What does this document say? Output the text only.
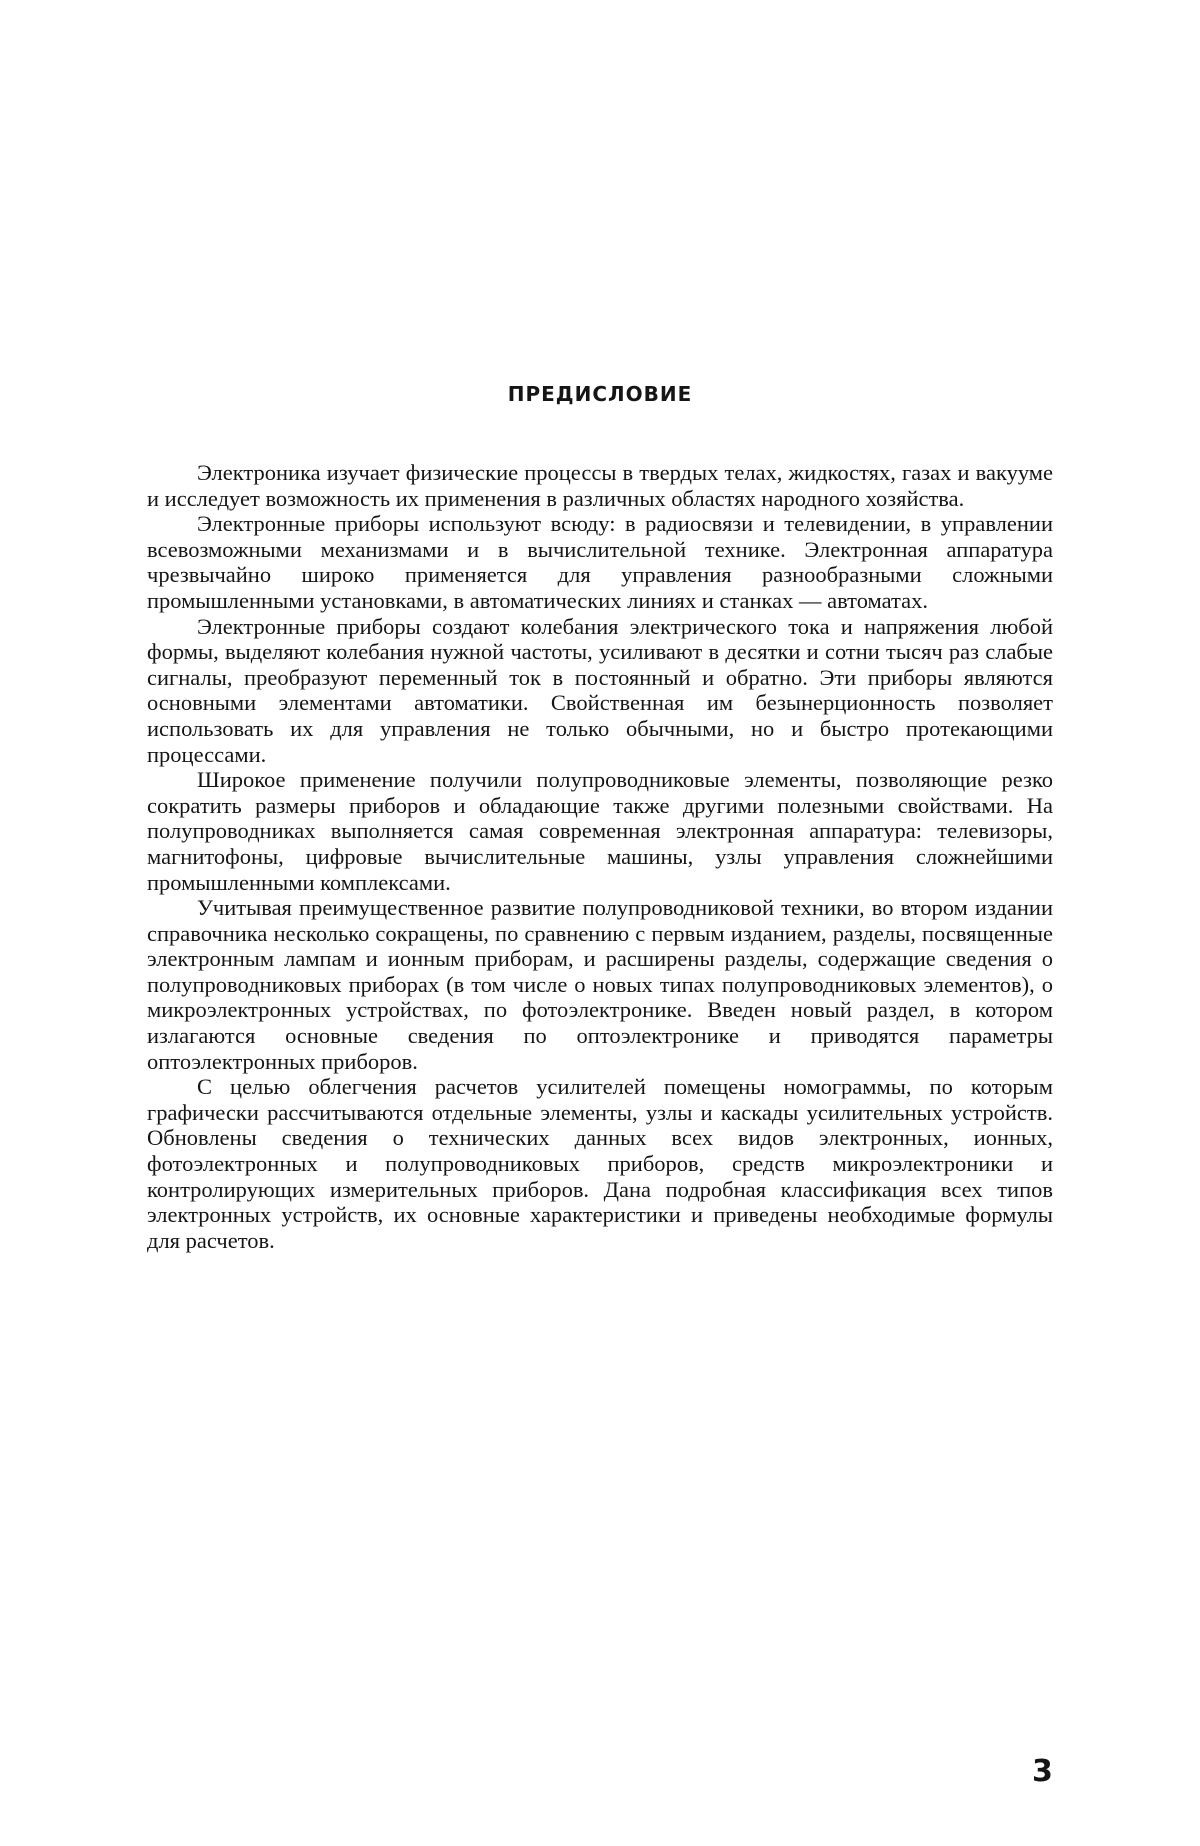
ПРЕДИСЛОВИЕ

Электроника изучает физические процессы в твердых телах, жидкостях, газах и вакууме и исследует возможность их применения в различных областях народного хозяйства.

Электронные приборы используют всюду: в радиосвязи и телевидении, в управлении всевозможными механизмами и в вычислительной технике. Электронная аппаратура чрезвычайно широко применяется для управления разнообразными сложными промышленными установками, в автоматических линиях и станках — автоматах.

Электронные приборы создают колебания электрического тока и напряжения любой формы, выделяют колебания нужной частоты, усиливают в десятки и сотни тысяч раз слабые сигналы, преобразуют переменный ток в постоянный и обратно. Эти приборы являются основными элементами автоматики. Свойственная им безынерционность позволяет использовать их для управления не только обычными, но и быстро протекающими процессами.

Широкое применение получили полупроводниковые элементы, позволяющие резко сократить размеры приборов и обладающие также другими полезными свойствами. На полупроводниках выполняется самая современная электронная аппаратура: телевизоры, магнитофоны, цифровые вычислительные машины, узлы управления сложнейшими промышленными комплексами.

Учитывая преимущественное развитие полупроводниковой техники, во втором издании справочника несколько сокращены, по сравнению с первым изданием, разделы, посвященные электронным лампам и ионным приборам, и расширены разделы, содержащие сведения о полупроводниковых приборах (в том числе о новых типах полупроводниковых элементов), о микроэлектронных устройствах, по фотоэлектронике. Введен новый раздел, в котором излагаются основные сведения по оптоэлектронике и приводятся параметры оптоэлектронных приборов.

С целью облегчения расчетов усилителей помещены номограммы, по которым графически рассчитываются отдельные элементы, узлы и каскады усилительных устройств. Обновлены сведения о технических данных всех видов электронных, ионных, фотоэлектронных и полупроводниковых приборов, средств микроэлектроники и контролирующих измерительных приборов. Дана подробная классификация всех типов электронных устройств, их основные характеристики и приведены необходимые формулы для расчетов.

3
